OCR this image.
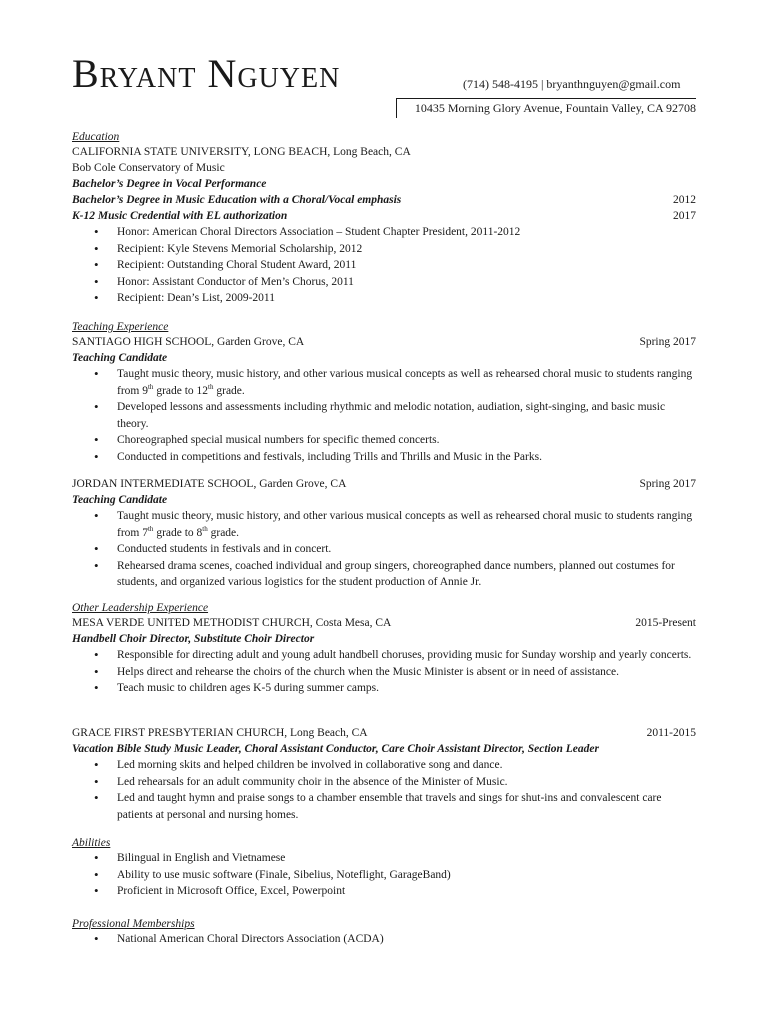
Bryant Nguyen	(714) 548-4195 | bryanthnguyen@gmail.com
10435 Morning Glory Avenue, Fountain Valley, CA 92708
Education
CALIFORNIA STATE UNIVERSITY, LONG BEACH, Long Beach, CA
Bob Cole Conservatory of Music
Bachelor’s Degree in Vocal Performance
Bachelor’s Degree in Music Education with a Choral/Vocal emphasis	2012
K-12 Music Credential with EL authorization	2017
• Honor: American Choral Directors Association – Student Chapter President, 2011-2012
• Recipient: Kyle Stevens Memorial Scholarship, 2012
• Recipient: Outstanding Choral Student Award, 2011
• Honor: Assistant Conductor of Men’s Chorus, 2011
• Recipient: Dean’s List, 2009-2011
Teaching Experience
SANTIAGO HIGH SCHOOL, Garden Grove, CA	Spring 2017
Teaching Candidate
• Taught music theory, music history, and other various musical concepts as well as rehearsed choral music to students ranging from 9th grade to 12th grade.
• Developed lessons and assessments including rhythmic and melodic notation, audiation, sight-singing, and basic music theory.
• Choreographed special musical numbers for specific themed concerts.
• Conducted in competitions and festivals, including Trills and Thrills and Music in the Parks.
JORDAN INTERMEDIATE SCHOOL, Garden Grove, CA	Spring 2017
Teaching Candidate
• Taught music theory, music history, and other various musical concepts as well as rehearsed choral music to students ranging from 7th grade to 8th grade.
• Conducted students in festivals and in concert.
• Rehearsed drama scenes, coached individual and group singers, choreographed dance numbers, planned out costumes for students, and organized various logistics for the student production of Annie Jr.
Other Leadership Experience
MESA VERDE UNITED METHODIST CHURCH, Costa Mesa, CA	2015-Present
Handbell Choir Director, Substitute Choir Director
• Responsible for directing adult and young adult handbell choruses, providing music for Sunday worship and yearly concerts.
• Helps direct and rehearse the choirs of the church when the Music Minister is absent or in need of assistance.
• Teach music to children ages K-5 during summer camps.
GRACE FIRST PRESBYTERIAN CHURCH, Long Beach, CA	2011-2015
Vacation Bible Study Music Leader, Choral Assistant Conductor, Care Choir Assistant Director, Section Leader
• Led morning skits and helped children be involved in collaborative song and dance.
• Led rehearsals for an adult community choir in the absence of the Minister of Music.
• Led and taught hymn and praise songs to a chamber ensemble that travels and sings for shut-ins and convalescent care patients at personal and nursing homes.
Abilities
• Bilingual in English and Vietnamese
• Ability to use music software (Finale, Sibelius, Noteflight, GarageBand)
• Proficient in Microsoft Office, Excel, Powerpoint
Professional Memberships
• National American Choral Directors Association (ACDA)
